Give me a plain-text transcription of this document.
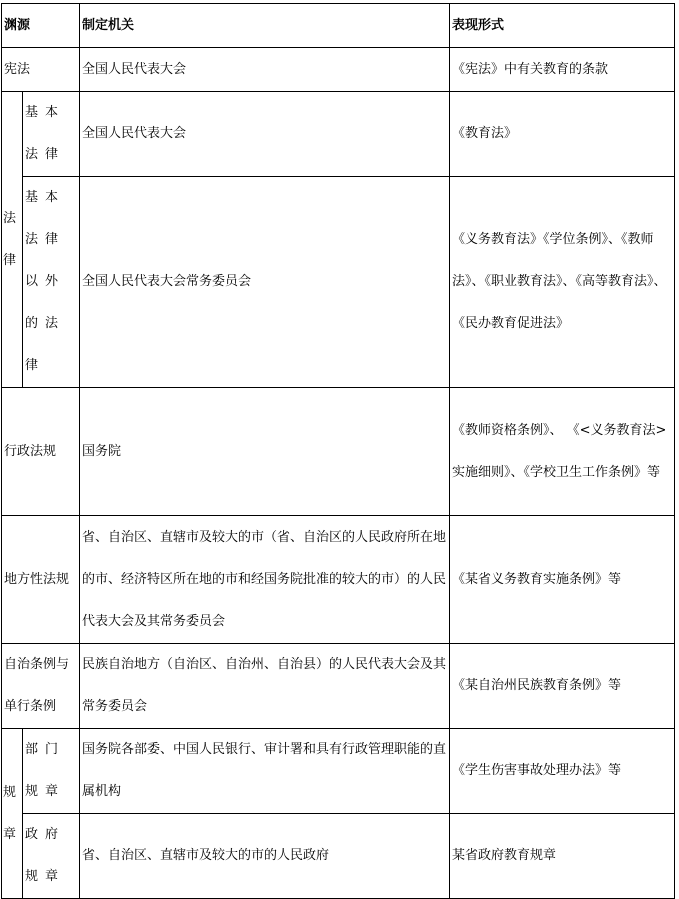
渊源		制定机关	表现形式
宪法		全国人民代表大会	《宪法》中有关教育的条款
法律	基本法律	全国人民代表大会	《教育法》
	基本法律以外的法律	全国人民代表大会常务委员会	《义务教育法》《学位条例》、《教师法》、《职业教育法》、《高等教育法》、《民办教育促进法》
行政法规		国务院	《教师资格条例》、 《<义务教育法>实施细则》、《学校卫生工作条例》等
地方性法规		省、自治区、直辖市及较大的市（省、自治区的人民政府所在地的市、经济特区所在地的市和经国务院批准的较大的市）的人民代表大会及其常务委员会	《某省义务教育实施条例》等
自治条例与单行条例		民族自治地方（自治区、自治州、自治县）的人民代表大会及其常务委员会	《某自治州民族教育条例》等
规章	部门规章	国务院各部委、中国人民银行、审计署和具有行政管理职能的直属机构	《学生伤害事故处理办法》等
	政府规章	省、自治区、直辖市及较大的市的人民政府	某省政府教育规章
